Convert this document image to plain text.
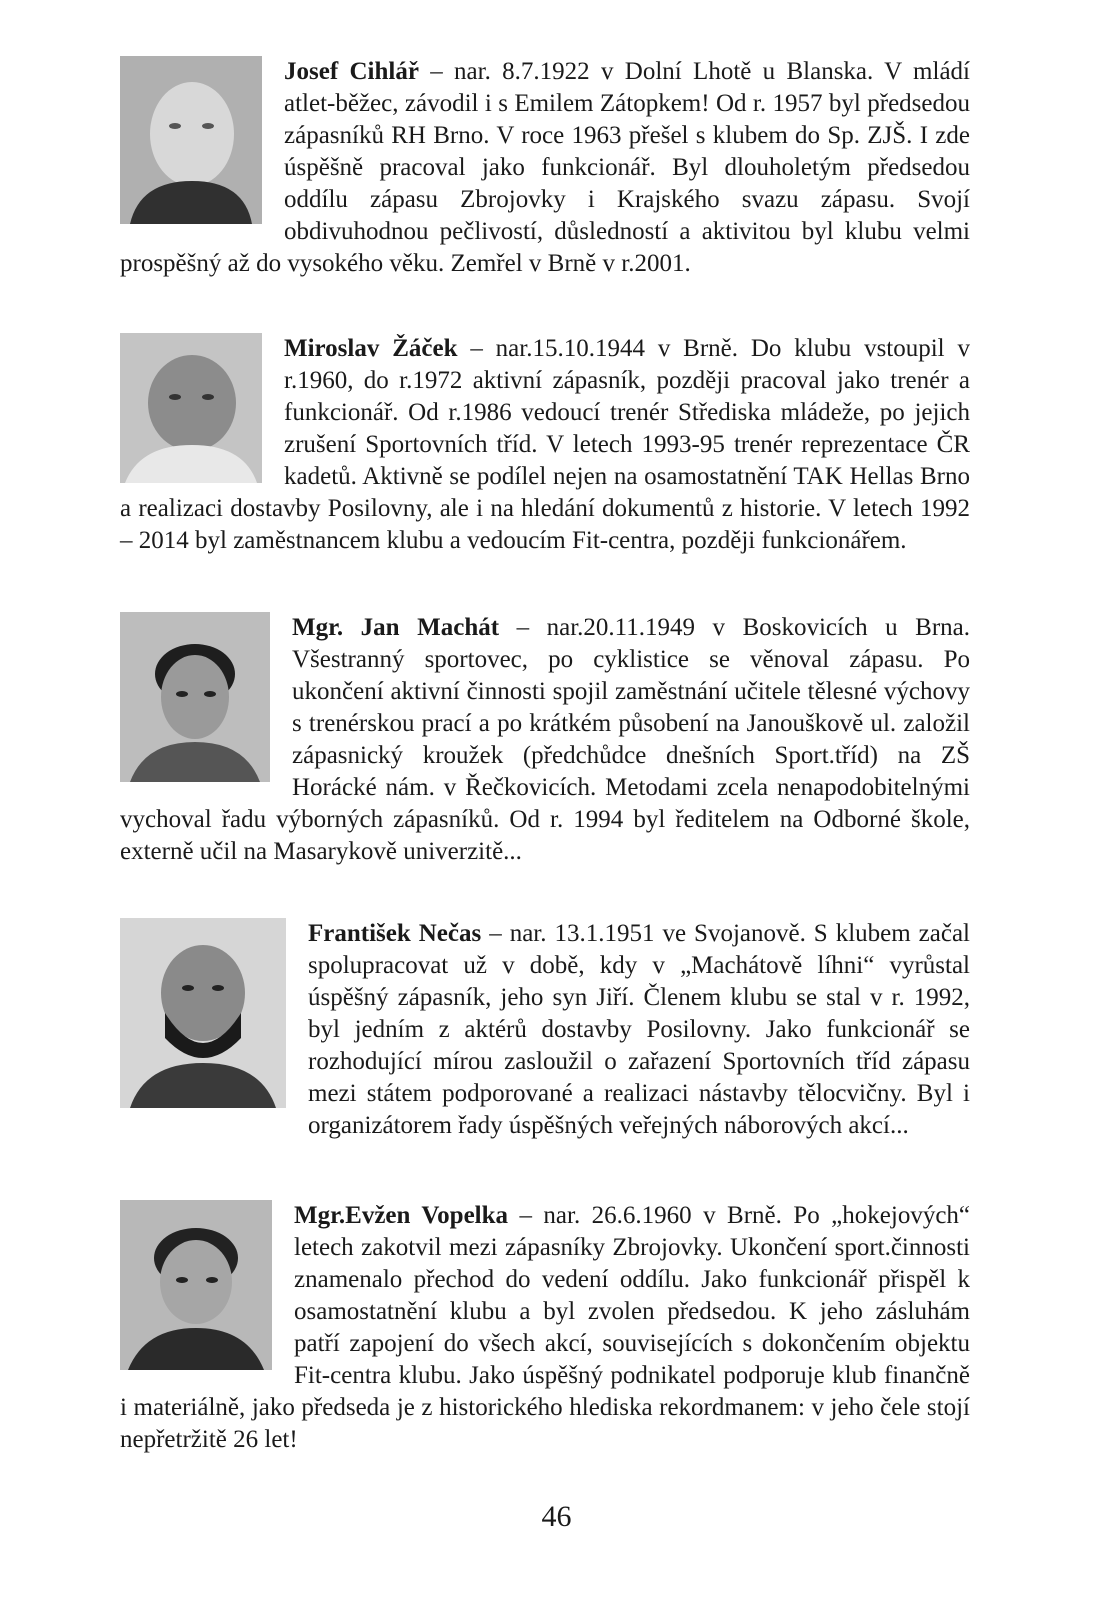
Josef Cihlář – nar. 8.7.1922 v Dolní Lhotě u Blanska. V mládí atlet-běžec, závodil i s Emilem Zátopkem! Od r. 1957 byl předsedou zápasníků RH Brno. V roce 1963 přešel s klubem do Sp. ZJŠ. I zde úspěšně pracoval jako funkcionář. Byl dlouholetým předsedou oddílu zápasu Zbrojovky i Krajského svazu zápasu. Svojí obdivuhodnou pečlivostí, důsledností a aktivitou byl klubu velmi prospěšný až do vysokého věku. Zemřel v Brně v r.2001.

Miroslav Žáček – nar.15.10.1944 v Brně. Do klubu vstoupil v r.1960, do r.1972 aktivní zápasník, později pracoval jako trenér a funkcionář. Od r.1986 vedoucí trenér Střediska mládeže, po jejich zrušení Sportovních tříd. V letech 1993-95 trenér reprezentace ČR kadetů. Aktivně se podílel nejen na osamostatnění TAK Hellas Brno a realizaci dostavby Posilovny, ale i na hledání dokumentů z historie. V letech 1992 – 2014 byl zaměstnancem klubu a vedoucím Fit-centra, později funkcionářem.

Mgr. Jan Machát – nar.20.11.1949 v Boskovicích u Brna. Všestranný sportovec, po cyklistice se věnoval zápasu. Po ukončení aktivní činnosti spojil zaměstnání učitele tělesné výchovy s trenérskou prací a po krátkém působení na Janouškově ul. založil zápasnický kroužek (předchůdce dnešních Sport.tříd) na ZŠ Horácké nám. v Řečkovicích. Metodami zcela nenapodobitelnými vychoval řadu výborných zápasníků. Od r. 1994 byl ředitelem na Odborné škole, externě učil na Masarykově univerzitě...

František Nečas – nar. 13.1.1951 ve Svojanově. S klubem začal spolupracovat už v době, kdy v „Machátově líhni“ vyrůstal úspěšný zápasník, jeho syn Jiří. Členem klubu se stal v r. 1992, byl jedním z aktérů dostavby Posilovny. Jako funkcionář se rozhodující mírou zasloužil o zařazení Sportovních tříd zápasu mezi státem podporované a realizaci nástavby tělocvičny. Byl i organizátorem řady úspěšných veřejných náborových akcí...

Mgr.Evžen Vopelka – nar. 26.6.1960 v Brně. Po „hokejových“ letech zakotvil mezi zápasníky Zbrojovky. Ukončení sport.činnosti znamenalo přechod do vedení oddílu. Jako funkcionář přispěl k osamostatnění klubu a byl zvolen předsedou. K jeho zásluhám patří zapojení do všech akcí, souvisejících s dokončením objektu Fit-centra klubu. Jako úspěšný podnikatel podporuje klub finančně i materiálně, jako předseda je z historického hlediska rekordmanem: v jeho čele stojí nepřetržitě 26 let!

46
